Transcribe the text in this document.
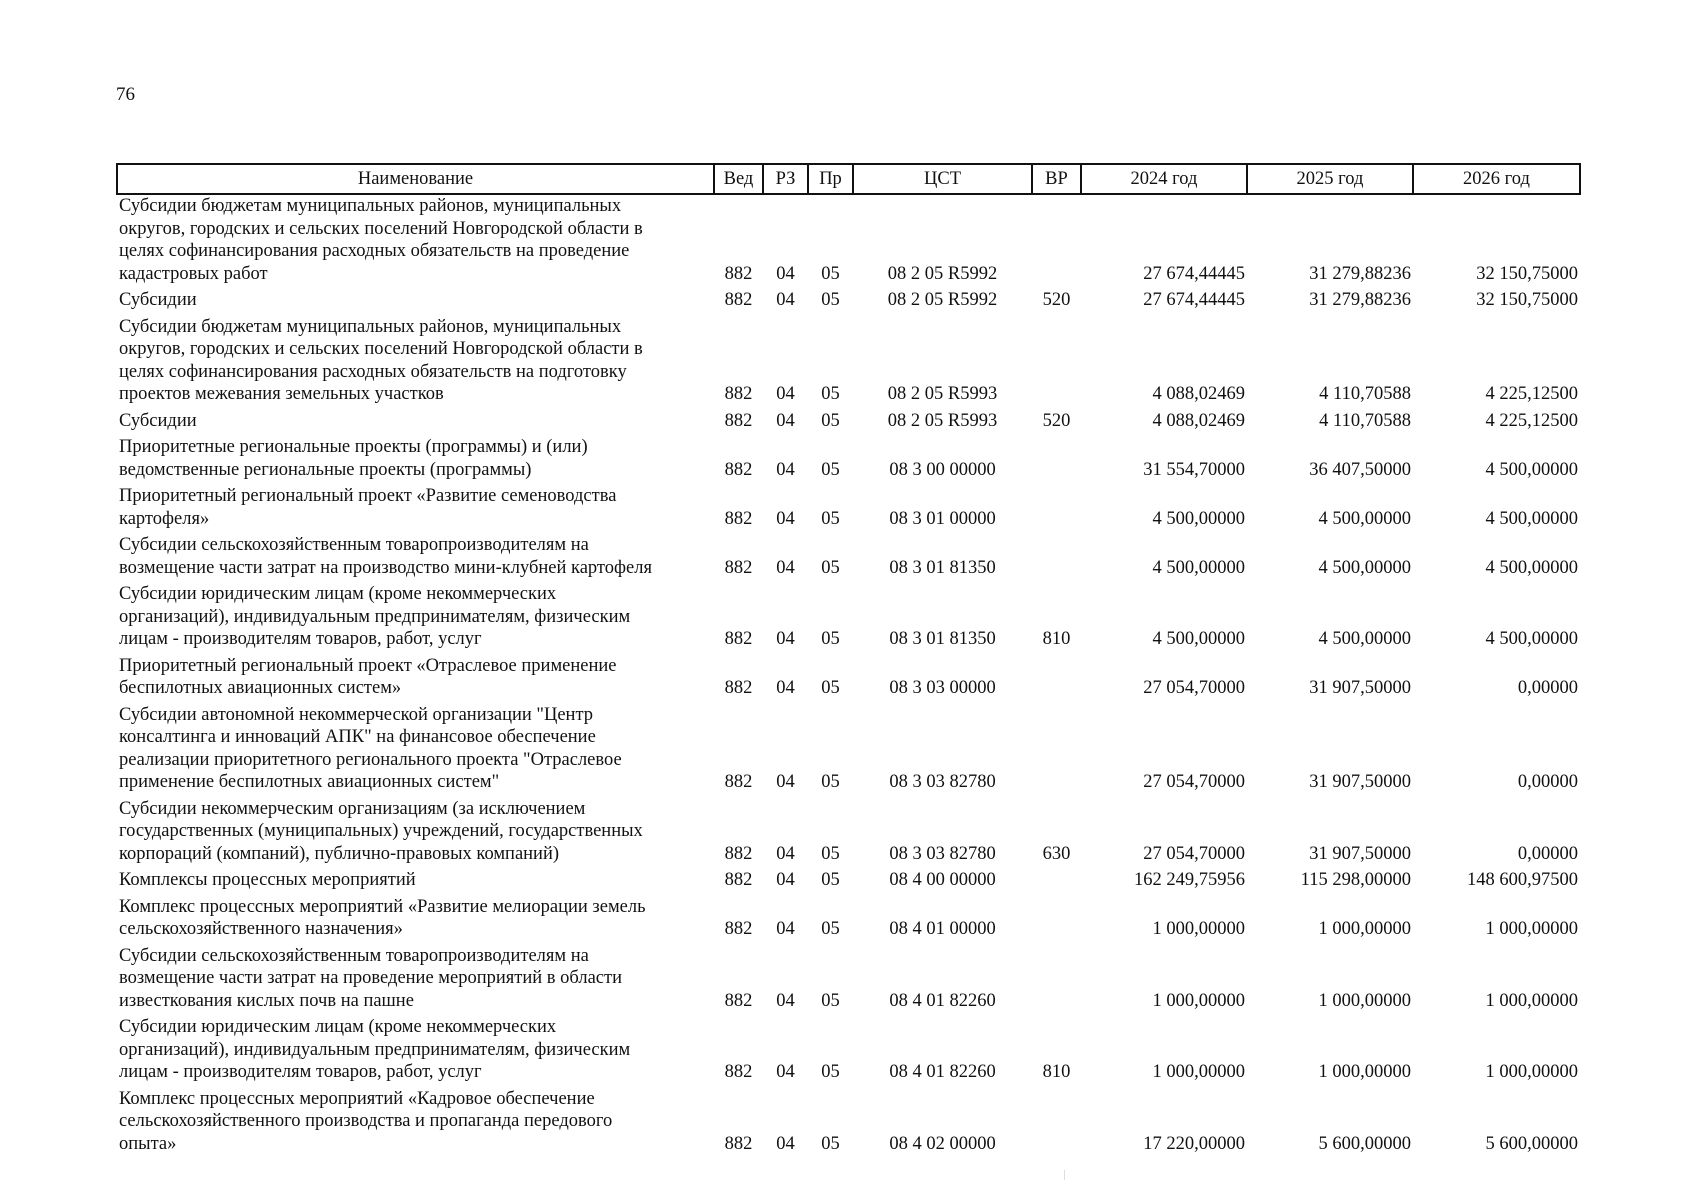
76
Наименование	Вед	РЗ	Пр	ЦСТ	ВР	2024 год	2025 год	2026 год
Субсидии бюджетам муниципальных районов, муниципальных
округов, городских и сельских поселений Новгородской области в
целях софинансирования расходных обязательств на проведение
кадастровых работ	882	04	05	08 2 05 R5992		27 674,44445	31 279,88236	32 150,75000
Субсидии	882	04	05	08 2 05 R5992	520	27 674,44445	31 279,88236	32 150,75000
Субсидии бюджетам муниципальных районов, муниципальных
округов, городских и сельских поселений Новгородской области в
целях софинансирования расходных обязательств на подготовку
проектов межевания земельных участков	882	04	05	08 2 05 R5993		4 088,02469	4 110,70588	4 225,12500
Субсидии	882	04	05	08 2 05 R5993	520	4 088,02469	4 110,70588	4 225,12500
Приоритетные региональные проекты (программы) и (или)
ведомственные региональные проекты (программы)	882	04	05	08 3 00 00000		31 554,70000	36 407,50000	4 500,00000
Приоритетный региональный проект «Развитие семеноводства
картофеля»	882	04	05	08 3 01 00000		4 500,00000	4 500,00000	4 500,00000
Субсидии сельскохозяйственным товаропроизводителям на
возмещение части затрат на производство мини-клубней картофеля	882	04	05	08 3 01 81350		4 500,00000	4 500,00000	4 500,00000
Субсидии юридическим лицам (кроме некоммерческих
организаций), индивидуальным предпринимателям, физическим
лицам - производителям товаров, работ, услуг	882	04	05	08 3 01 81350	810	4 500,00000	4 500,00000	4 500,00000
Приоритетный региональный проект «Отраслевое применение
беспилотных авиационных систем»	882	04	05	08 3 03 00000		27 054,70000	31 907,50000	0,00000
Субсидии автономной некоммерческой организации "Центр
консалтинга и инноваций АПК" на финансовое обеспечение
реализации приоритетного регионального проекта "Отраслевое
применение беспилотных авиационных систем"	882	04	05	08 3 03 82780		27 054,70000	31 907,50000	0,00000
Субсидии некоммерческим организациям (за исключением
государственных (муниципальных) учреждений, государственных
корпораций (компаний), публично-правовых компаний)	882	04	05	08 3 03 82780	630	27 054,70000	31 907,50000	0,00000
Комплексы процессных мероприятий	882	04	05	08 4 00 00000		162 249,75956	115 298,00000	148 600,97500
Комплекс процессных мероприятий «Развитие мелиорации земель
сельскохозяйственного назначения»	882	04	05	08 4 01 00000		1 000,00000	1 000,00000	1 000,00000
Субсидии сельскохозяйственным товаропроизводителям на
возмещение части затрат на проведение мероприятий в области
известкования кислых почв на пашне	882	04	05	08 4 01 82260		1 000,00000	1 000,00000	1 000,00000
Субсидии юридическим лицам (кроме некоммерческих
организаций), индивидуальным предпринимателям, физическим
лицам - производителям товаров, работ, услуг	882	04	05	08 4 01 82260	810	1 000,00000	1 000,00000	1 000,00000
Комплекс процессных мероприятий «Кадровое обеспечение
сельскохозяйственного производства и пропаганда передового
опыта»	882	04	05	08 4 02 00000		17 220,00000	5 600,00000	5 600,00000
